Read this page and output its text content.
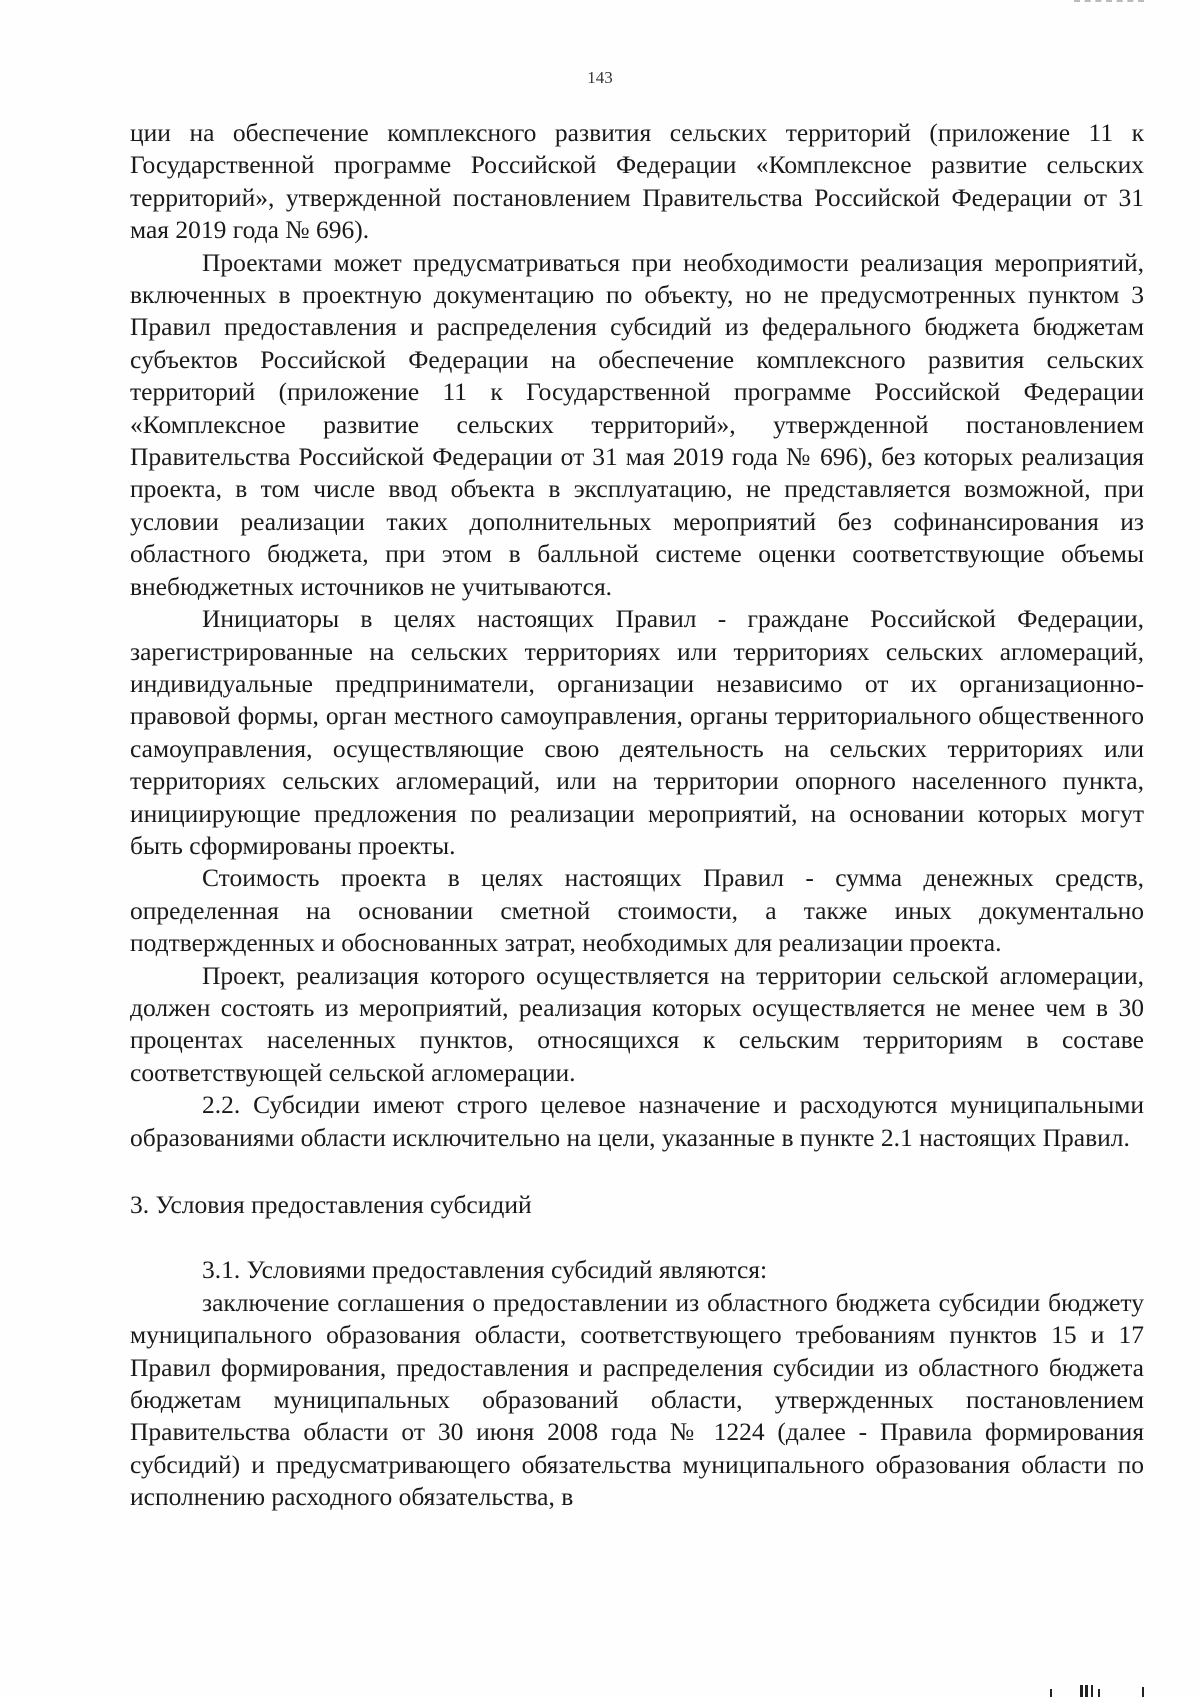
143

ции на обеспечение комплексного развития сельских территорий (приложение 11 к Государственной программе Российской Федерации «Комплексное развитие сельских территорий», утвержденной постановлением Правительства Российской Федерации от 31 мая 2019 года № 696).

Проектами может предусматриваться при необходимости реализация мероприятий, включенных в проектную документацию по объекту, но не предусмотренных пунктом 3 Правил предоставления и распределения субсидий из федерального бюджета бюджетам субъектов Российской Федерации на обеспечение комплексного развития сельских территорий (приложение 11 к Государственной программе Российской Федерации «Комплексное развитие сельских территорий», утвержденной постановлением Правительства Российской Федерации от 31 мая 2019 года № 696), без которых реализация проекта, в том числе ввод объекта в эксплуатацию, не представляется возможной, при условии реализации таких дополнительных мероприятий без софинансирования из областного бюджета, при этом в балльной системе оценки соответствующие объемы внебюджетных источников не учитываются.

Инициаторы в целях настоящих Правил - граждане Российской Федерации, зарегистрированные на сельских территориях или территориях сельских агломераций, индивидуальные предприниматели, организации независимо от их организационно-правовой формы, орган местного самоуправления, органы территориального общественного самоуправления, осуществляющие свою деятельность на сельских территориях или территориях сельских агломераций, или на территории опорного населенного пункта, инициирующие предложения по реализации мероприятий, на основании которых могут быть сформированы проекты.

Стоимость проекта в целях настоящих Правил - сумма денежных средств, определенная на основании сметной стоимости, а также иных документально подтвержденных и обоснованных затрат, необходимых для реализации проекта.

Проект, реализация которого осуществляется на территории сельской агломерации, должен состоять из мероприятий, реализация которых осуществляется не менее чем в 30 процентах населенных пунктов, относящихся к сельским территориям в составе соответствующей сельской агломерации.

2.2. Субсидии имеют строго целевое назначение и расходуются муниципальными образованиями области исключительно на цели, указанные в пункте 2.1 настоящих Правил.

3. Условия предоставления субсидий

3.1. Условиями предоставления субсидий являются:

заключение соглашения о предоставлении из областного бюджета субсидии бюджету муниципального образования области, соответствующего требованиям пунктов 15 и 17 Правил формирования, предоставления и распределения субсидии из областного бюджета бюджетам муниципальных образований области, утвержденных постановлением Правительства области от 30 июня 2008 года № 1224 (далее - Правила формирования субсидий) и предусматривающего обязательства муниципального образования области по исполнению расходного обязательства, в
